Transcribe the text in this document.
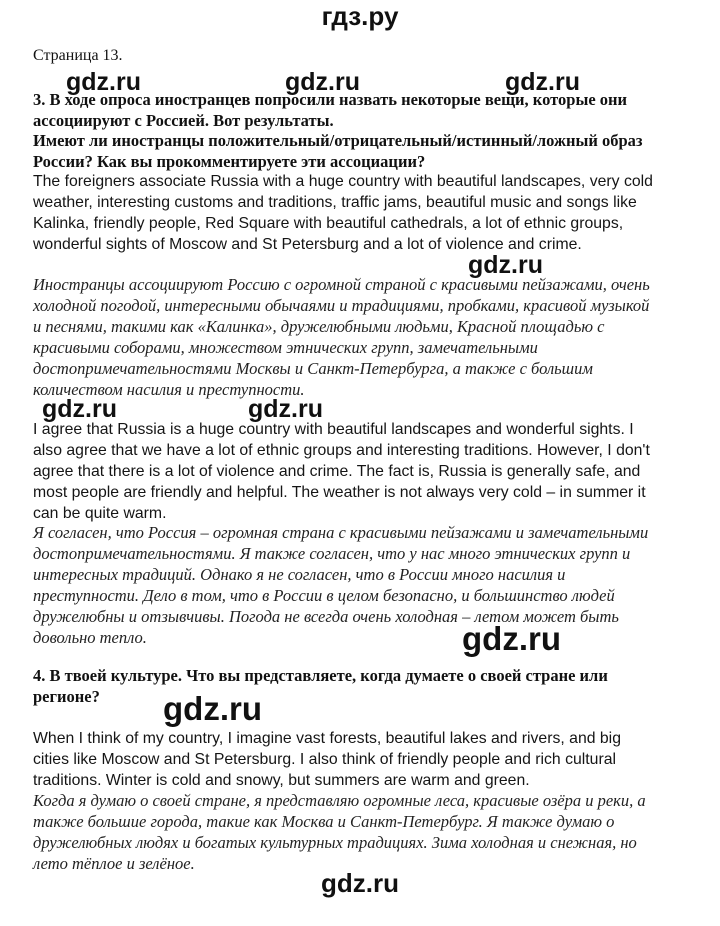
гдз.ру
Страница 13.
3. В ходе опроса иностранцев попросили назвать некоторые вещи, которые они ассоциируют с Россией. Вот результаты.
Имеют ли иностранцы положительный/отрицательный/истинный/ложный образ России? Как вы прокомментируете эти ассоциации?
The foreigners associate Russia with a huge country with beautiful landscapes, very cold weather, interesting customs and traditions, traffic jams, beautiful music and songs like Kalinka, friendly people, Red Square with beautiful cathedrals, a lot of ethnic groups, wonderful sights of Moscow and St Petersburg and a lot of violence and crime.
Иностранцы ассоциируют Россию с огромной страной с красивыми пейзажами, очень холодной погодой, интересными обычаями и традициями, пробками, красивой музыкой и песнями, такими как «Калинка», дружелюбными людьми, Красной площадью с красивыми соборами, множеством этнических групп, замечательными достопримечательностями Москвы и Санкт-Петербурга, а также с большим количеством насилия и преступности.
I agree that Russia is a huge country with beautiful landscapes and wonderful sights. I also agree that we have a lot of ethnic groups and interesting traditions. However, I don't agree that there is a lot of violence and crime. The fact is, Russia is generally safe, and most people are friendly and helpful. The weather is not always very cold – in summer it can be quite warm.
Я согласен, что Россия – огромная страна с красивыми пейзажами и замечательными достопримечательностями. Я также согласен, что у нас много этнических групп и интересных традиций. Однако я не согласен, что в России много насилия и преступности. Дело в том, что в России в целом безопасно, и большинство людей дружелюбны и отзывчивы. Погода не всегда очень холодная – летом может быть довольно тепло.
4. В твоей культуре. Что вы представляете, когда думаете о своей стране или регионе?
When I think of my country, I imagine vast forests, beautiful lakes and rivers, and big cities like Moscow and St Petersburg. I also think of friendly people and rich cultural traditions. Winter is cold and snowy, but summers are warm and green.
Когда я думаю о своей стране, я представляю огромные леса, красивые озёра и реки, а также большие города, такие как Москва и Санкт-Петербург. Я также думаю о дружелюбных людях и богатых культурных традициях. Зима холодная и снежная, но лето тёплое и зелёное.
gdz.ru	gdz.ru	gdz.ru
gdz.ru
gdz.ru	gdz.ru
gdz.ru
gdz.ru
gdz.ru
